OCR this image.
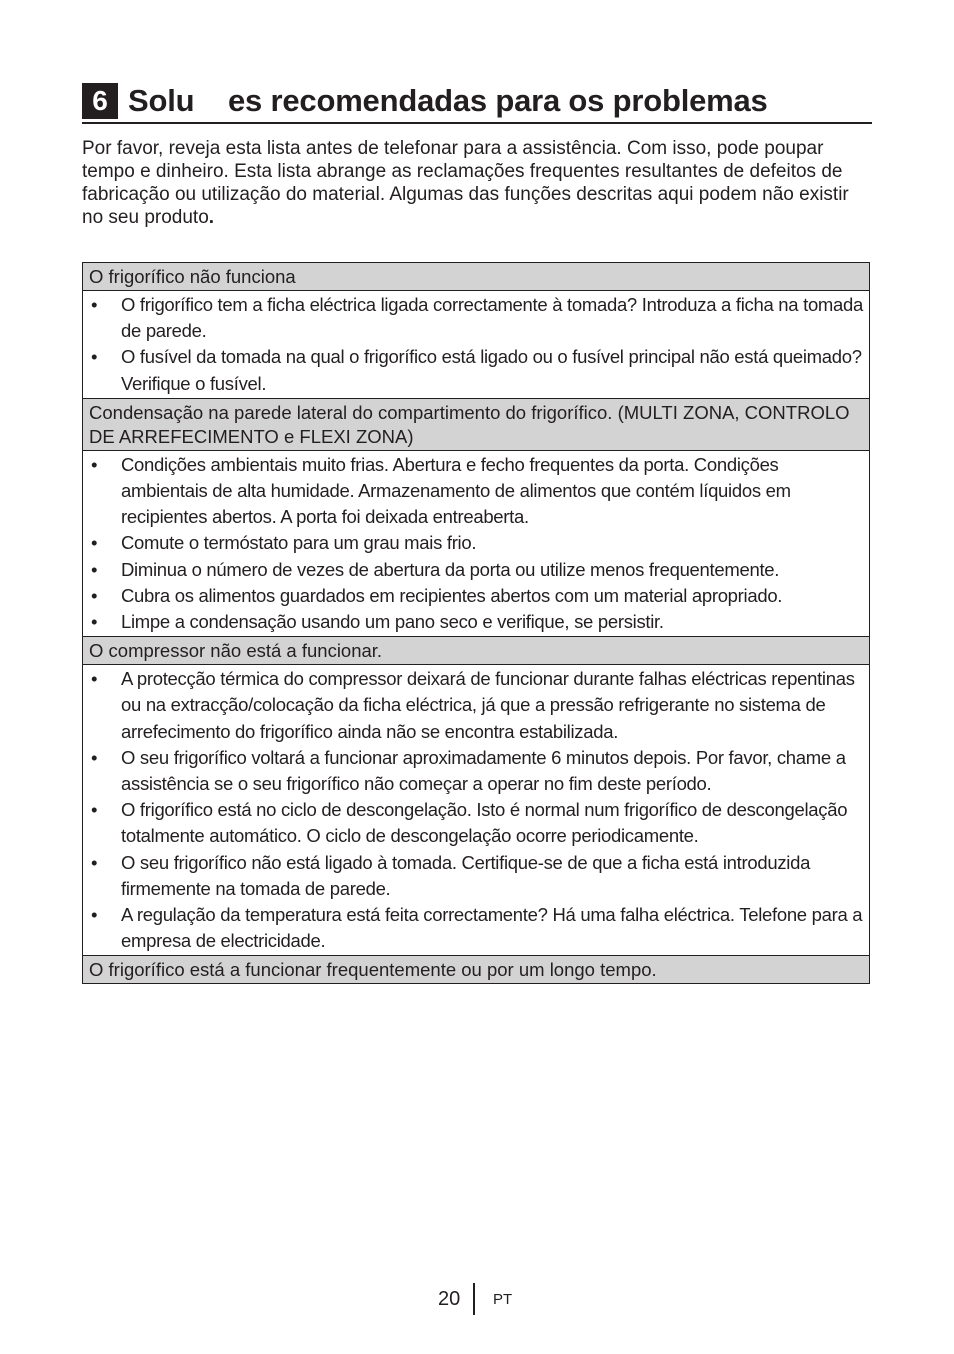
6 Solu    es recomendadas para os problemas

Por favor, reveja esta lista antes de telefonar para a assistência. Com isso, pode poupar tempo e dinheiro. Esta lista abrange as reclamações frequentes resultantes de defeitos de fabricação ou utilização do material. Algumas das funções descritas aqui podem não existir no seu produto.

O frigorífico não funciona

• O frigorífico tem a ficha eléctrica ligada correctamente à tomada? Introduza a ficha na tomada de parede.
• O fusível da tomada na qual o frigorífico está ligado ou o fusível principal não está queimado? Verifique o fusível.

Condensação na parede lateral do compartimento do frigorífico. (MULTI ZONA, CONTROLO DE ARREFECIMENTO e FLEXI ZONA)

• Condições ambientais muito frias. Abertura e fecho frequentes da porta. Condições ambientais de alta humidade. Armazenamento de alimentos que contém líquidos em recipientes abertos. A porta foi deixada entreaberta.
• Comute o termóstato para um grau mais frio.
• Diminua o número de vezes de abertura da porta ou utilize menos frequentemente.
• Cubra os alimentos guardados em recipientes abertos com um material apropriado.
• Limpe a condensação usando um pano seco e verifique, se persistir.

O compressor não está a funcionar.

• A protecção térmica do compressor deixará de funcionar durante falhas eléctricas repentinas ou na extracção/colocação da ficha eléctrica, já que a pressão refrigerante no sistema de arrefecimento do frigorífico ainda não se encontra estabilizada.
• O seu frigorífico voltará a funcionar aproximadamente 6 minutos depois. Por favor, chame a assistência se o seu frigorífico não começar a operar no fim deste período.
• O frigorífico está no ciclo de descongelação. Isto é normal num frigorífico de descongelação totalmente automático. O ciclo de descongelação ocorre periodicamente.
• O seu frigorífico não está ligado à tomada. Certifique-se de que a ficha está introduzida firmemente na tomada de parede.
• A regulação da temperatura está feita correctamente? Há uma falha eléctrica. Telefone para a empresa de electricidade.

O frigorífico está a funcionar frequentemente ou por um longo tempo.
20 PT
